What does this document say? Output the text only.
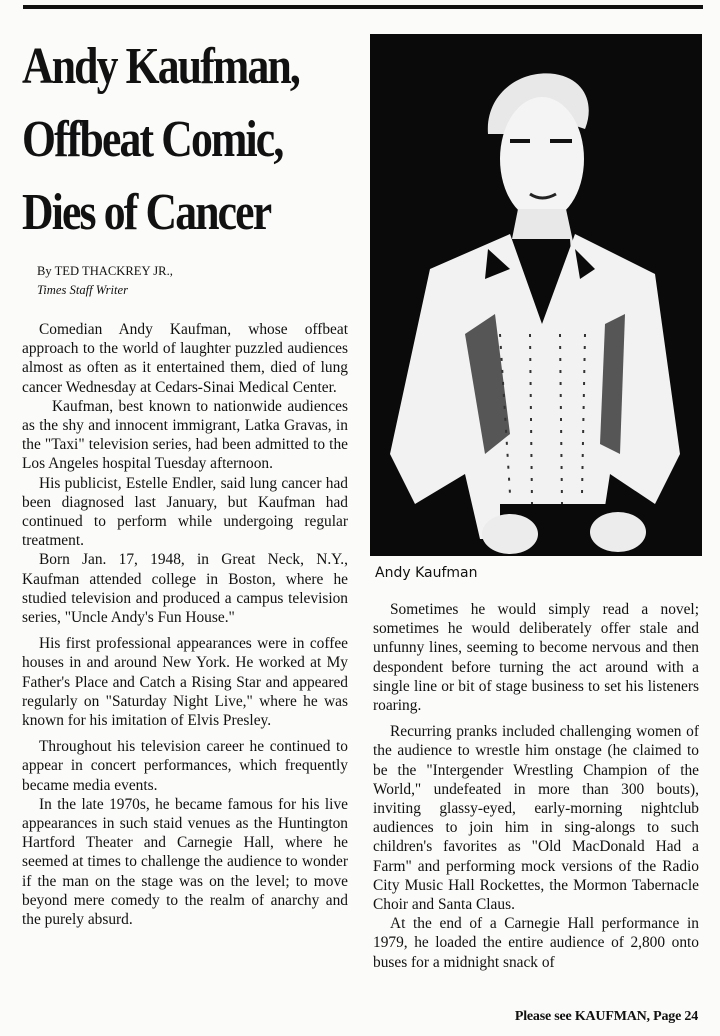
Andy Kaufman,
Offbeat Comic,
Dies of Cancer
By TED THACKREY JR.,
Times Staff Writer

Comedian Andy Kaufman, whose offbeat approach to the world of laughter puzzled audiences almost as often as it entertained them, died of lung cancer Wednesday at Cedars-Sinai Medical Center.

Kaufman, best known to nationwide audiences as the shy and innocent immigrant, Latka Gravas, in the "Taxi" television series, had been admitted to the Los Angeles hospital Tuesday afternoon.

His publicist, Estelle Endler, said lung cancer had been diagnosed last January, but Kaufman had continued to perform while undergoing regular treatment.

Born Jan. 17, 1948, in Great Neck, N.Y., Kaufman attended college in Boston, where he studied television and produced a campus television series, "Uncle Andy's Fun House."

His first professional appearances were in coffee houses in and around New York. He worked at My Father's Place and Catch a Rising Star and appeared regularly on "Saturday Night Live," where he was known for his imitation of Elvis Presley.

Throughout his television career he continued to appear in concert performances, which frequently became media events.

In the late 1970s, he became famous for his live appearances in such staid venues as the Huntington Hartford Theater and Carnegie Hall, where he seemed at times to challenge the audience to wonder if the man on the stage was on the level; to move beyond mere comedy to the realm of anarchy and the purely absurd.

Andy Kaufman

Sometimes he would simply read a novel; sometimes he would deliberately offer stale and unfunny lines, seeming to become nervous and then despondent before turning the act around with a single line or bit of stage business to set his listeners roaring.

Recurring pranks included challenging women of the audience to wrestle him onstage (he claimed to be the "Intergender Wrestling Champion of the World," undefeated in more than 300 bouts), inviting glassy-eyed, early-morning nightclub audiences to join him in sing-alongs to such children's favorites as "Old MacDonald Had a Farm" and performing mock versions of the Radio City Music Hall Rockettes, the Mormon Tabernacle Choir and Santa Claus.

At the end of a Carnegie Hall performance in 1979, he loaded the entire audience of 2,800 onto buses for a midnight snack of

Please see KAUFMAN, Page 24
